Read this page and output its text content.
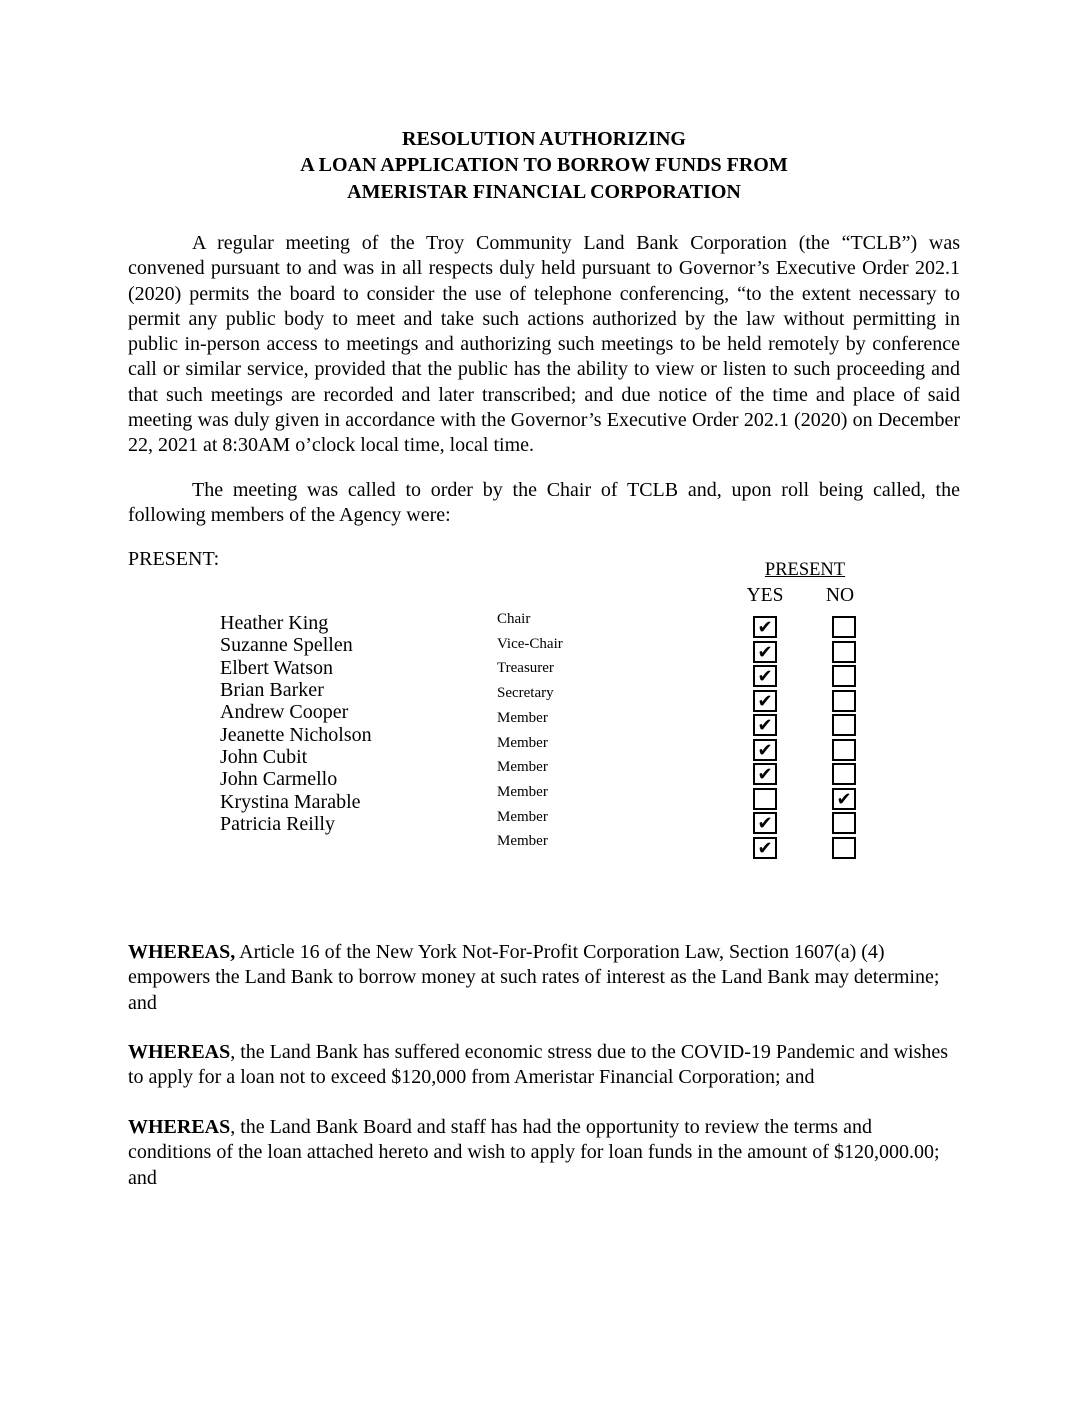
RESOLUTION AUTHORIZING
A LOAN APPLICATION TO BORROW FUNDS FROM
AMERISTAR FINANCIAL CORPORATION
A regular meeting of the Troy Community Land Bank Corporation (the “TCLB”) was convened pursuant to and was in all respects duly held pursuant to Governor’s Executive Order 202.1 (2020) permits the board to consider the use of telephone conferencing, “to the extent necessary to permit any public body to meet and take such actions authorized by the law without permitting in public in-person access to meetings and authorizing such meetings to be held remotely by conference call or similar service, provided that the public has the ability to view or listen to such proceeding and that such meetings are recorded and later transcribed; and due notice of the time and place of said meeting was duly given in accordance with the Governor’s Executive Order 202.1 (2020) on December 22, 2021 at 8:30AM o’clock local time, local time.
The meeting was called to order by the Chair of TCLB and, upon roll being called, the following members of the Agency were:
PRESENT:	PRESENT
YES	NO
Heather King
Suzanne Spellen
Elbert Watson
Brian Barker
Andrew Cooper
Jeanette Nicholson
John Cubit
John Carmello
Krystina Marable
Patricia Reilly
Chair
Vice-Chair
Treasurer
Secretary
Member
Member
Member
Member
Member
Member
✔
✔
✔
✔
✔
✔
✔
✔
✔
✔
WHEREAS, Article 16 of the New York Not-For-Profit Corporation Law, Section 1607(a) (4) empowers the Land Bank to borrow money at such rates of interest as the Land Bank may determine; and
WHEREAS, the Land Bank has suffered economic stress due to the COVID-19 Pandemic and wishes to apply for a loan not to exceed $120,000 from Ameristar Financial Corporation; and
WHEREAS, the Land Bank Board and staff has had the opportunity to review the terms and conditions of the loan attached hereto and wish to apply for loan funds in the amount of $120,000.00; and
